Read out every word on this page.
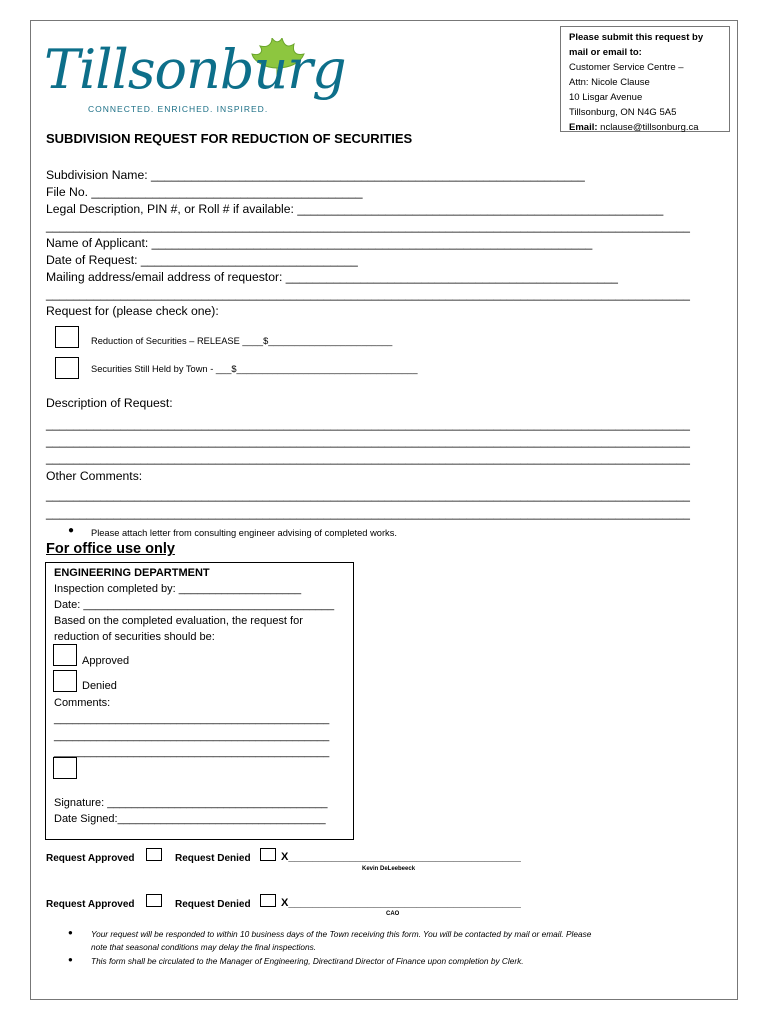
Please submit this request by
mail or email to:
Customer Service Centre –
Attn: Nicole Clause
10 Lisgar Avenue
Tillsonburg, ON N4G 5A5
Email: nclause@tillsonburg.ca
Tillsonburg
CONNECTED. ENRICHED. INSPIRED.
SUBDIVISION REQUEST FOR REDUCTION OF SECURITIES
Subdivision Name: ________________________________________________________________
File No. ________________________________________
Legal Description, PIN #, or Roll # if available: ______________________________________________________
_______________________________________________________________________________________________
Name of Applicant: _________________________________________________________________
Date of Request: ________________________________
Mailing address/email address of requestor: _________________________________________________
_______________________________________________________________________________________________
Request for (please check one):
Reduction of Securities – RELEASE ____$________________________
Securities Still Held by Town - ___$___________________________________
Description of Request:
_______________________________________________________________________________________________
_______________________________________________________________________________________________
_______________________________________________________________________________________________
Other Comments:
_______________________________________________________________________________________________
_______________________________________________________________________________________________
● Please attach letter from consulting engineer advising of completed works.
For office use only
ENGINEERING DEPARTMENT
Inspection completed by: ____________________
Date: _________________________________________
Based on the completed evaluation, the request for
reduction of securities should be:
Approved
Denied
Comments:
_____________________________________________
_____________________________________________
_____________________________________________
Signature: ____________________________________
Date Signed:__________________________________
Request Approved	Request Denied	X______________________________________
Kevin DeLeebeeck
Request Approved	Request Denied	X______________________________________
CAO
● Your request will be responded to within 10 business days of the Town receiving this form. You will be contacted by mail or email. Please
note that seasonal conditions may delay the final inspections.
● This form shall be circulated to the Manager of Engineering, Directirand Director of Finance upon completion by Clerk.
